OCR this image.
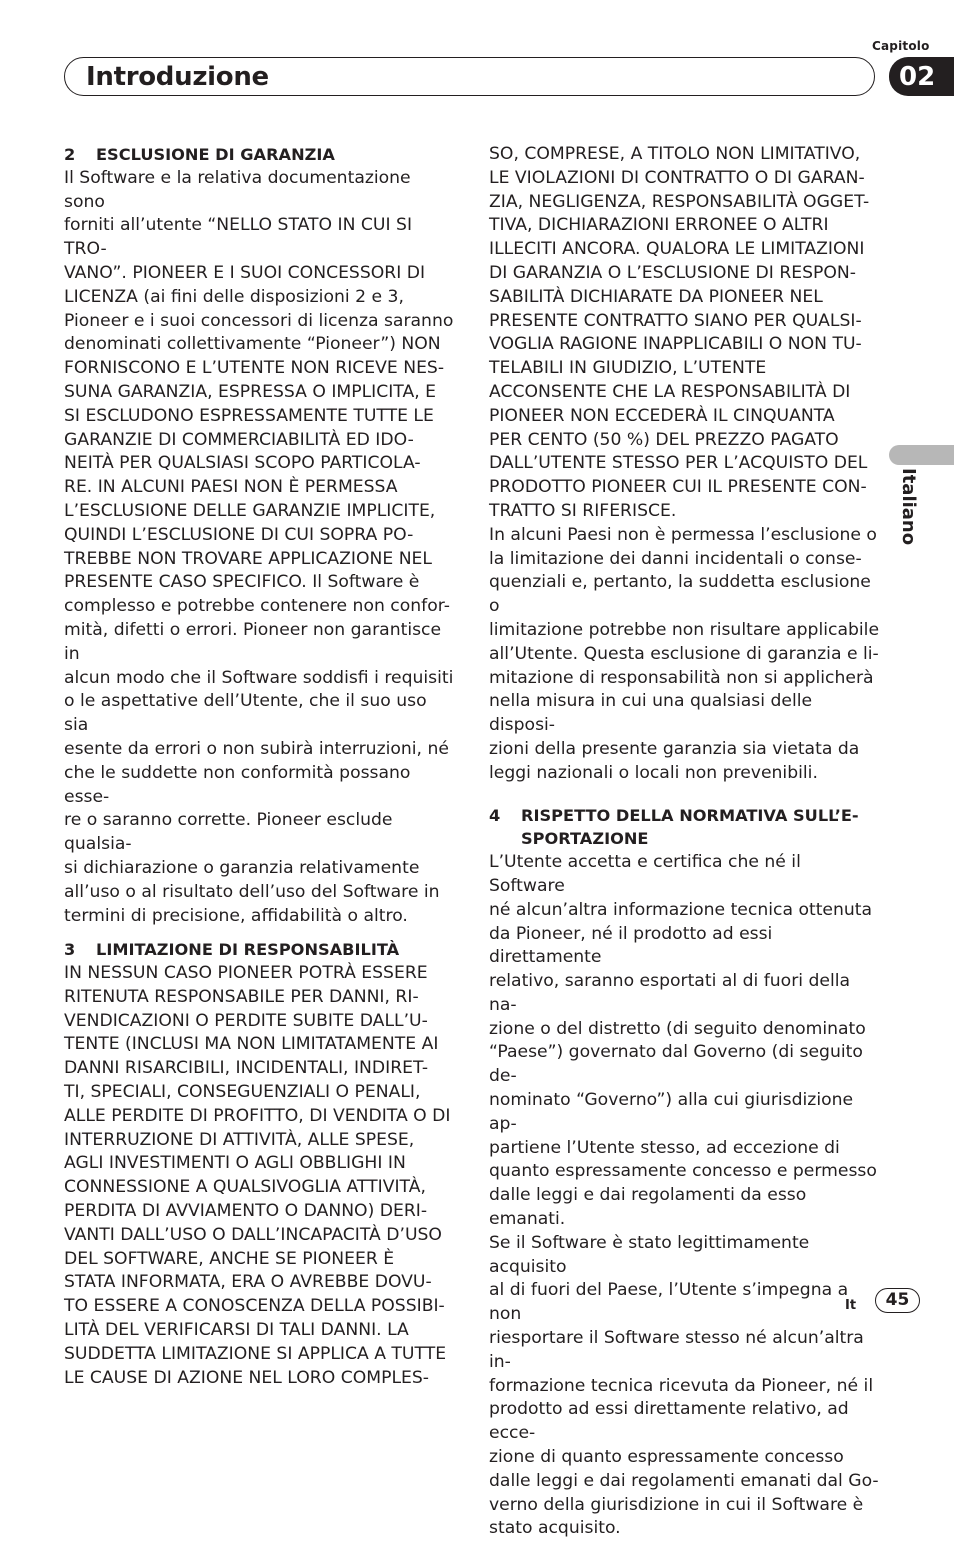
Capitolo
Introduzione	02
Italiano
2 ESCLUSIONE DI GARANZIA

Il Software e la relativa documentazione sono
forniti all’utente “NELLO STATO IN CUI SI TRO-
VANO”. PIONEER E I SUOI CONCESSORI DI
LICENZA (ai fini delle disposizioni 2 e 3,
Pioneer e i suoi concessori di licenza saranno
denominati collettivamente “Pioneer”) NON
FORNISCONO E L’UTENTE NON RICEVE NES-
SUNA GARANZIA, ESPRESSA O IMPLICITA, E
SI ESCLUDONO ESPRESSAMENTE TUTTE LE
GARANZIE DI COMMERCIABILITÀ ED IDO-
NEITÀ PER QUALSIASI SCOPO PARTICOLA-
RE. IN ALCUNI PAESI NON È PERMESSA
L’ESCLUSIONE DELLE GARANZIE IMPLICITE,
QUINDI L’ESCLUSIONE DI CUI SOPRA PO-
TREBBE NON TROVARE APPLICAZIONE NEL
PRESENTE CASO SPECIFICO. Il Software è
complesso e potrebbe contenere non confor-
mità, difetti o errori. Pioneer non garantisce in
alcun modo che il Software soddisfi i requisiti
o le aspettative dell’Utente, che il suo uso sia
esente da errori o non subirà interruzioni, né
che le suddette non conformità possano esse-
re o saranno corrette. Pioneer esclude qualsia-
si dichiarazione o garanzia relativamente
all’uso o al risultato dell’uso del Software in
termini di precisione, affidabilità o altro.

3 LIMITAZIONE DI RESPONSABILITÀ

IN NESSUN CASO PIONEER POTRÀ ESSERE
RITENUTA RESPONSABILE PER DANNI, RI-
VENDICAZIONI O PERDITE SUBITE DALL’U-
TENTE (INCLUSI MA NON LIMITATAMENTE AI
DANNI RISARCIBILI, INCIDENTALI, INDIRET-
TI, SPECIALI, CONSEGUENZIALI O PENALI,
ALLE PERDITE DI PROFITTO, DI VENDITA O DI
INTERRUZIONE DI ATTIVITÀ, ALLE SPESE,
AGLI INVESTIMENTI O AGLI OBBLIGHI IN
CONNESSIONE A QUALSIVOGLIA ATTIVITÀ,
PERDITA DI AVVIAMENTO O DANNO) DERI-
VANTI DALL’USO O DALL’INCAPACITÀ D’USO
DEL SOFTWARE, ANCHE SE PIONEER È
STATA INFORMATA, ERA O AVREBBE DOVU-
TO ESSERE A CONOSCENZA DELLA POSSIBI-
LITÀ DEL VERIFICARSI DI TALI DANNI. LA
SUDDETTA LIMITAZIONE SI APPLICA A TUTTE
LE CAUSE DI AZIONE NEL LORO COMPLES-

SO, COMPRESE, A TITOLO NON LIMITATIVO,
LE VIOLAZIONI DI CONTRATTO O DI GARAN-
ZIA, NEGLIGENZA, RESPONSABILITÀ OGGET-
TIVA, DICHIARAZIONI ERRONEE O ALTRI
ILLECITI ANCORA. QUALORA LE LIMITAZIONI
DI GARANZIA O L’ESCLUSIONE DI RESPON-
SABILITÀ DICHIARATE DA PIONEER NEL
PRESENTE CONTRATTO SIANO PER QUALSI-
VOGLIA RAGIONE INAPPLICABILI O NON TU-
TELABILI IN GIUDIZIO, L’UTENTE
ACCONSENTE CHE LA RESPONSABILITÀ DI
PIONEER NON ECCEDERÀ IL CINQUANTA
PER CENTO (50 %) DEL PREZZO PAGATO
DALL’UTENTE STESSO PER L’ACQUISTO DEL
PRODOTTO PIONEER CUI IL PRESENTE CON-
TRATTO SI RIFERISCE.

In alcuni Paesi non è permessa l’esclusione o
la limitazione dei danni incidentali o conse-
quenziali e, pertanto, la suddetta esclusione o
limitazione potrebbe non risultare applicabile
all’Utente. Questa esclusione di garanzia e li-
mitazione di responsabilità non si applicherà
nella misura in cui una qualsiasi delle disposi-
zioni della presente garanzia sia vietata da
leggi nazionali o locali non prevenibili.

4	RISPETTO DELLA NORMATIVA SULL’E-
SPORTAZIONE

L’Utente accetta e certifica che né il Software
né alcun’altra informazione tecnica ottenuta
da Pioneer, né il prodotto ad essi direttamente
relativo, saranno esportati al di fuori della na-
zione o del distretto (di seguito denominato
“Paese”) governato dal Governo (di seguito de-
nominato “Governo”) alla cui giurisdizione ap-
partiene l’Utente stesso, ad eccezione di
quanto espressamente concesso e permesso
dalle leggi e dai regolamenti da esso emanati.
Se il Software è stato legittimamente acquisito
al di fuori del Paese, l’Utente s’impegna a non
riesportare il Software stesso né alcun’altra in-
formazione tecnica ricevuta da Pioneer, né il
prodotto ad essi direttamente relativo, ad ecce-
zione di quanto espressamente concesso
dalle leggi e dai regolamenti emanati dal Go-
verno della giurisdizione in cui il Software è
stato acquisito.

It	45
